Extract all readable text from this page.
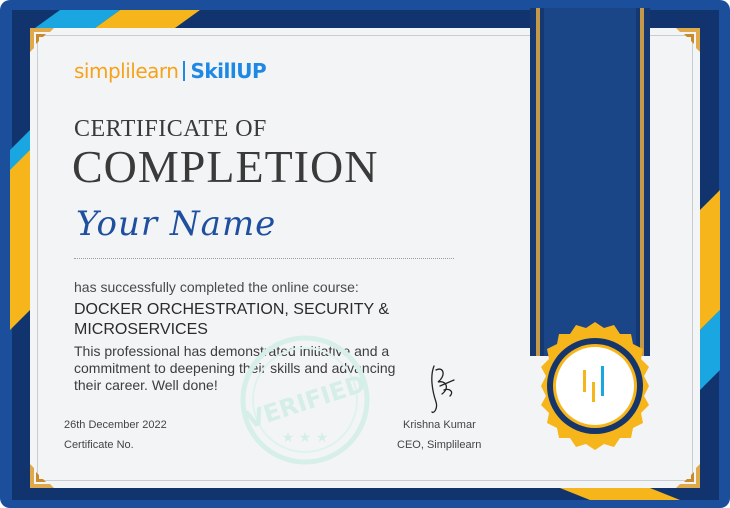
simplilearn SkillUP
CERTIFICATE OF
COMPLETION
Your Name
has successfully completed the online course:
DOCKER ORCHESTRATION, SECURITY & MICROSERVICES
This professional has demonstrated initiative and a commitment to deepening their skills and advancing their career. Well done!	VERIFIED
★ ★ ★
26th December 2022
Certificate No.
Krishna Kumar
CEO, Simplilearn
